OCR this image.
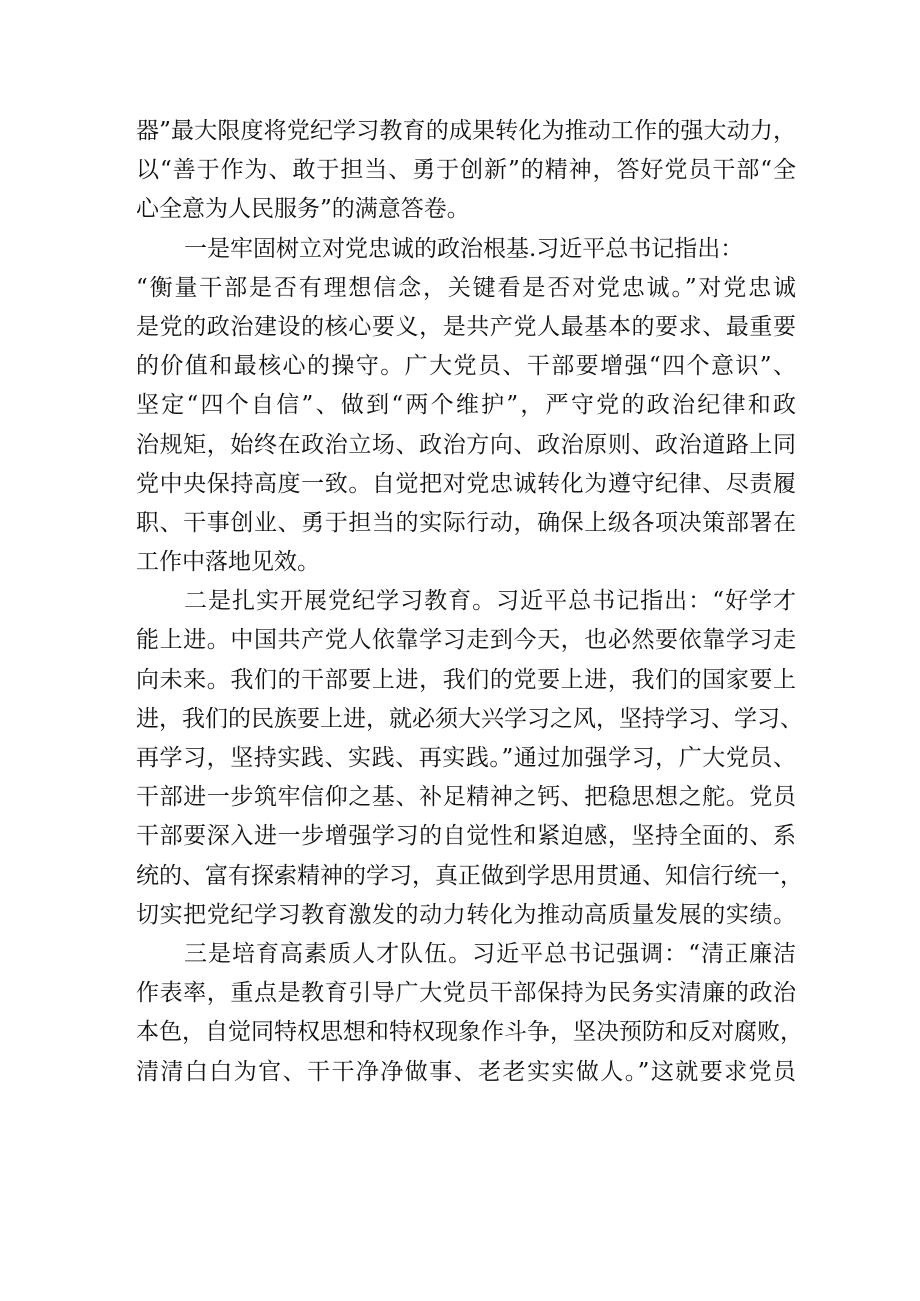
器”最大限度将党纪学习教育的成果转化为推动工作的强大动力，
以“善于作为、敢于担当、勇于创新”的精神，答好党员干部“全
心全意为人民服务”的满意答卷。
一是牢固树立对党忠诚的政治根基.习近平总书记指出：
“衡量干部是否有理想信念，关键看是否对党忠诚。”对党忠诚
是党的政治建设的核心要义，是共产党人最基本的要求、最重要
的价值和最核心的操守。广大党员、干部要增强“四个意识”、
坚定“四个自信”、做到“两个维护”，严守党的政治纪律和政
治规矩，始终在政治立场、政治方向、政治原则、政治道路上同
党中央保持高度一致。自觉把对党忠诚转化为遵守纪律、尽责履
职、干事创业、勇于担当的实际行动，确保上级各项决策部署在
工作中落地见效。
二是扎实开展党纪学习教育。习近平总书记指出：“好学才
能上进。中国共产党人依靠学习走到今天，也必然要依靠学习走
向未来。我们的干部要上进，我们的党要上进，我们的国家要上
进，我们的民族要上进，就必须大兴学习之风，坚持学习、学习、
再学习，坚持实践、实践、再实践。”通过加强学习，广大党员、
干部进一步筑牢信仰之基、补足精神之钙、把稳思想之舵。党员
干部要深入进一步增强学习的自觉性和紧迫感，坚持全面的、系
统的、富有探索精神的学习，真正做到学思用贯通、知信行统一，
切实把党纪学习教育激发的动力转化为推动高质量发展的实绩。
三是培育高素质人才队伍。习近平总书记强调：“清正廉洁
作表率，重点是教育引导广大党员干部保持为民务实清廉的政治
本色，自觉同特权思想和特权现象作斗争，坚决预防和反对腐败，
清清白白为官、干干净净做事、老老实实做人。”这就要求党员
